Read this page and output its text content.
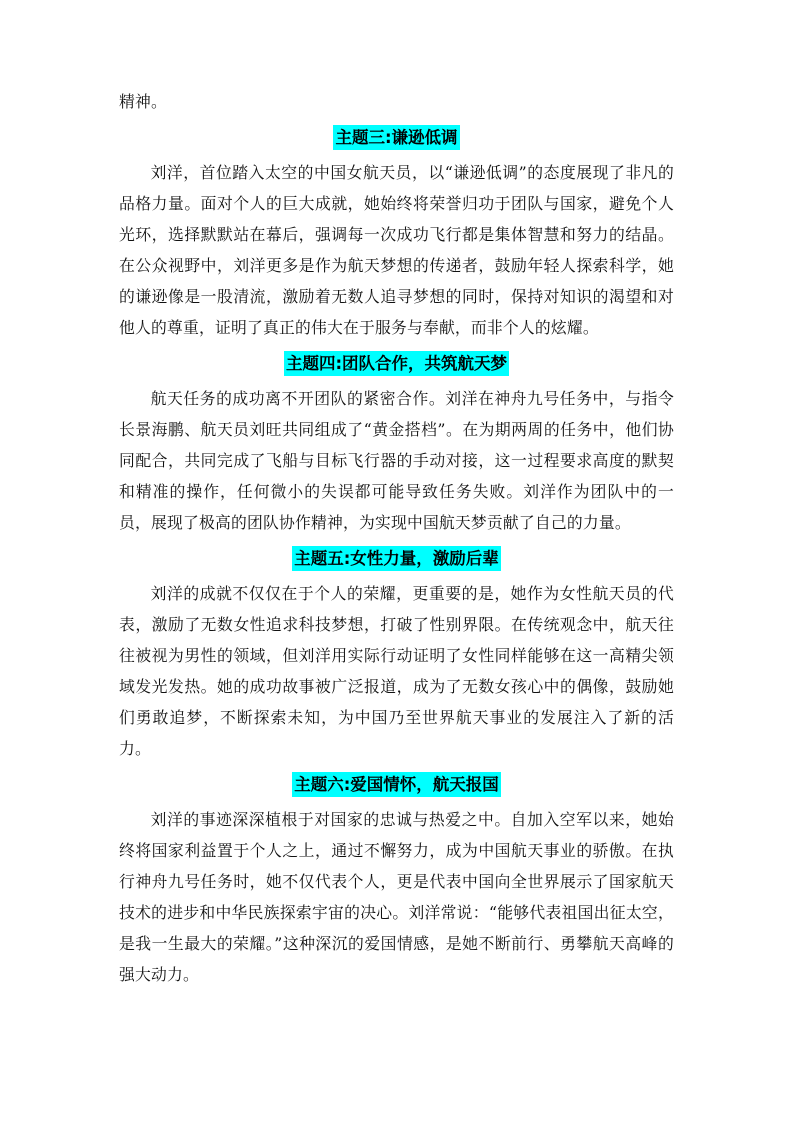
精神。

主题三:谦逊低调

刘洋，首位踏入太空的中国女航天员，以“谦逊低调”的态度展现了非凡的品格力量。面对个人的巨大成就，她始终将荣誉归功于团队与国家，避免个人光环，选择默默站在幕后，强调每一次成功飞行都是集体智慧和努力的结晶。在公众视野中，刘洋更多是作为航天梦想的传递者，鼓励年轻人探索科学，她的谦逊像是一股清流，激励着无数人追寻梦想的同时，保持对知识的渴望和对他人的尊重，证明了真正的伟大在于服务与奉献，而非个人的炫耀。

主题四:团队合作，共筑航天梦

航天任务的成功离不开团队的紧密合作。刘洋在神舟九号任务中，与指令长景海鹏、航天员刘旺共同组成了“黄金搭档”。在为期两周的任务中，他们协同配合，共同完成了飞船与目标飞行器的手动对接，这一过程要求高度的默契和精准的操作，任何微小的失误都可能导致任务失败。刘洋作为团队中的一员，展现了极高的团队协作精神，为实现中国航天梦贡献了自己的力量。

主题五:女性力量，激励后辈

刘洋的成就不仅仅在于个人的荣耀，更重要的是，她作为女性航天员的代表，激励了无数女性追求科技梦想，打破了性别界限。在传统观念中，航天往往被视为男性的领域，但刘洋用实际行动证明了女性同样能够在这一高精尖领域发光发热。她的成功故事被广泛报道，成为了无数女孩心中的偶像，鼓励她们勇敢追梦，不断探索未知，为中国乃至世界航天事业的发展注入了新的活力。

主题六:爱国情怀，航天报国

刘洋的事迹深深植根于对国家的忠诚与热爱之中。自加入空军以来，她始终将国家利益置于个人之上，通过不懈努力，成为中国航天事业的骄傲。在执行神舟九号任务时，她不仅代表个人，更是代表中国向全世界展示了国家航天技术的进步和中华民族探索宇宙的决心。刘洋常说：“能够代表祖国出征太空，是我一生最大的荣耀。”这种深沉的爱国情感，是她不断前行、勇攀航天高峰的强大动力。
